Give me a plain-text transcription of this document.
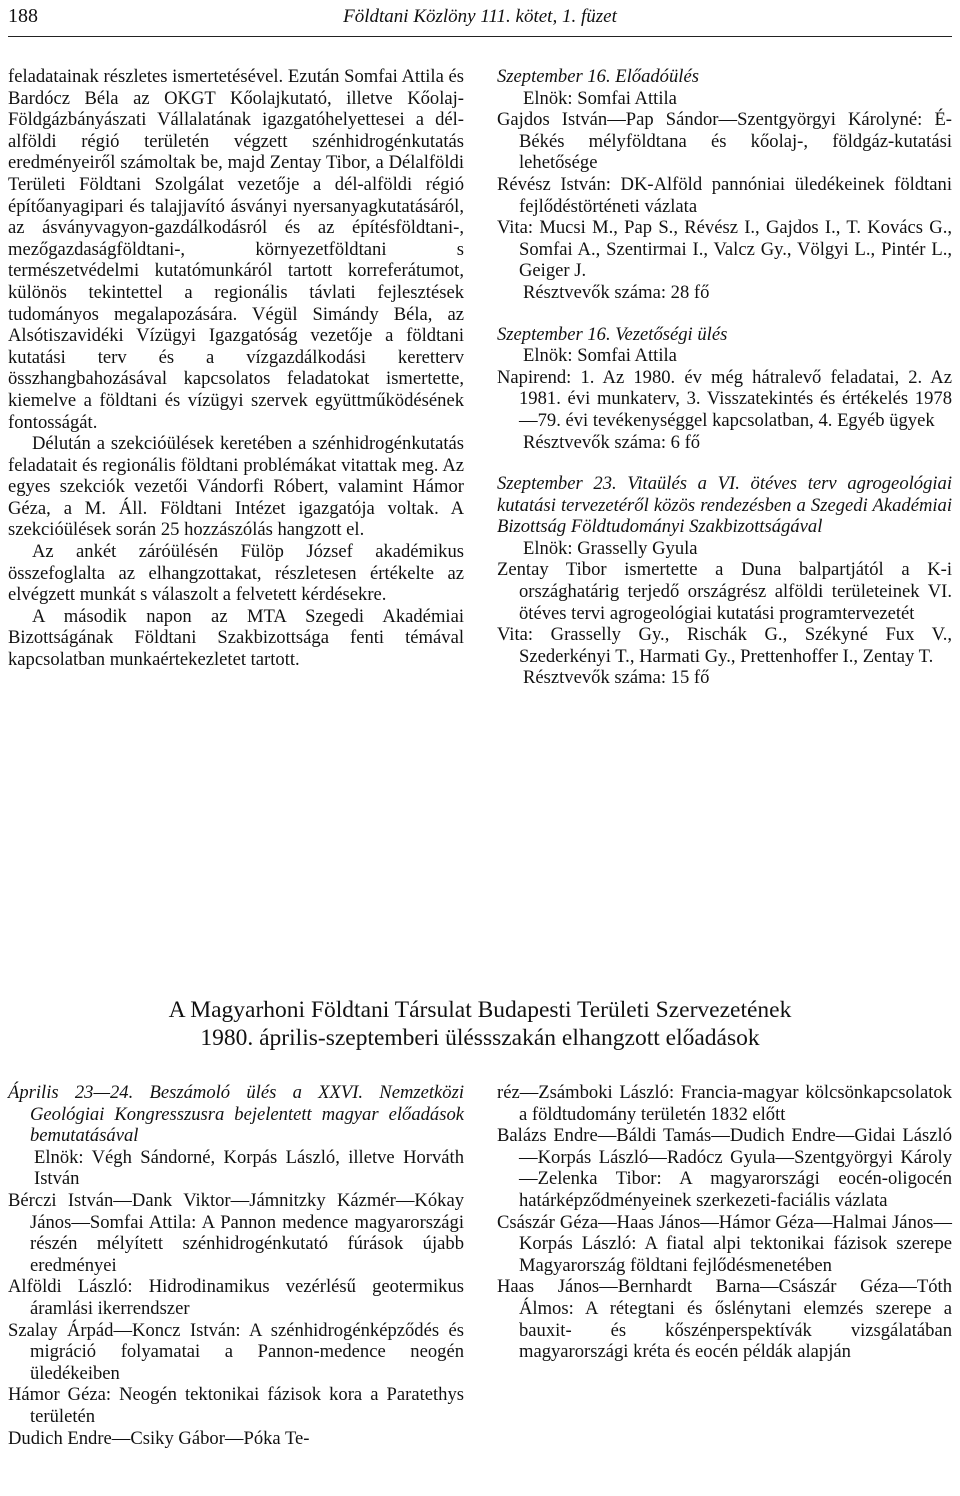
188	Földtani Közlöny 111. kötet, 1. füzet

feladatainak részletes ismertetésével. Ezután Somfai Attila és Bardócz Béla az OKGT Kőolajkutató, illetve Kőolaj-Földgázbányászati Vállalatának igazgatóhelyettesei a dél-alföldi régió területén végzett szénhidrogénkutatás eredményeiről számoltak be, majd Zentay Tibor, a Délalföldi Területi Földtani Szolgálat vezetője a dél-alföldi régió építőanyagipari és talajjavító ásványi nyersanyagkutatásáról, az ásványvagyon-gazdálkodásról és az építésföldtani-, mezőgazdaságföldtani-, környezetföldtani s természetvédelmi kutatómunkáról tartott korreferátumot, különös tekintettel a regionális távlati fejlesztések tudományos megalapozására. Végül Simándy Béla, az Alsótiszavidéki Vízügyi Igazgatóság vezetője a földtani kutatási terv és a vízgazdálkodási keretterv összhangbahozásával kapcsolatos feladatokat ismertette, kiemelve a földtani és vízügyi szervek együttműködésének fontosságát.

Délután a szekcióülések keretében a szénhidrogénkutatás feladatait és regionális földtani problémákat vitattak meg. Az egyes szekciók vezetői Vándorfi Róbert, valamint Hámor Géza, a M. Áll. Földtani Intézet igazgatója voltak. A szekcióülések során 25 hozzászólás hangzott el.

Az ankét záróülésén Fülöp József akadémikus összefoglalta az elhangzottakat, részletesen értékelte az elvégzett munkát s válaszolt a felvetett kérdésekre.

A második napon az MTA Szegedi Akadémiai Bizottságának Földtani Szakbizottsága fenti témával kapcsolatban munkaértekezletet tartott.

Szeptember 16. Előadóülés

Elnök: Somfai Attila

Gajdos István—Pap Sándor—Szentgyörgyi Károlyné: É-Békés mélyföldtana és kőolaj-, földgáz-kutatási lehetősége

Révész István: DK-Alföld pannóniai üledékeinek földtani fejlődéstörténeti vázlata

Vita: Mucsi M., Pap S., Révész I., Gajdos I., T. Kovács G., Somfai A., Szentirmai I., Valcz Gy., Völgyi L., Pintér L., Geiger J.

Résztvevők száma: 28 fő

Szeptember 16. Vezetőségi ülés

Elnök: Somfai Attila

Napirend: 1. Az 1980. év még hátralevő feladatai, 2. Az 1981. évi munkaterv, 3. Visszatekintés és értékelés 1978—79. évi tevékenységgel kapcsolatban, 4. Egyéb ügyek

Résztvevők száma: 6 fő

Szeptember 23. Vitaülés a VI. ötéves terv agrogeológiai kutatási tervezetéről közös rendezésben a Szegedi Akadémiai Bizottság Földtudományi Szakbizottságával

Elnök: Grasselly Gyula

Zentay Tibor ismertette a Duna balpartjától a K-i országhatárig terjedő országrész alföldi területeinek VI. ötéves tervi agrogeológiai kutatási programtervezetét

Vita: Grasselly Gy., Rischák G., Székyné Fux V., Szederkényi T., Harmati Gy., Prettenhoffer I., Zentay T.

Résztvevők száma: 15 fő

A Magyarhoni Földtani Társulat Budapesti Területi Szervezetének
1980. április-szeptemberi üléssszakán elhangzott előadások

Április 23—24. Beszámoló ülés a XXVI. Nemzetközi Geológiai Kongresszusra bejelentett magyar előadások bemutatásával

Elnök: Végh Sándorné, Korpás László, illetve Horváth István

Bérczi István—Dank Viktor—Jámnitzky Kázmér—Kókay János—Somfai Attila: A Pannon medence magyarországi részén mélyített szénhidrogénkutató fúrások újabb eredményei

Alföldi László: Hidrodinamikus vezérlésű geotermikus áramlási ikerrendszer

Szalay Árpád—Koncz István: A szénhidrogénképződés és migráció folyamatai a Pannon-medence neogén üledékeiben

Hámor Géza: Neogén tektonikai fázisok kora a Paratethys területén

Dudich Endre—Csiky Gábor—Póka Te-

réz—Zsámboki László: Francia-magyar kölcsönkapcsolatok a földtudomány területén 1832 előtt

Balázs Endre—Báldi Tamás—Dudich Endre—Gidai László—Korpás László—Radócz Gyula—Szentgyörgyi Károly—Zelenka Tibor: A magyarországi eocén-oligocén határképződményeinek szerkezeti-faciális vázlata

Császár Géza—Haas János—Hámor Géza—Halmai János—Korpás László: A fiatal alpi tektonikai fázisok szerepe Magyarország földtani fejlődésmenetében

Haas János—Bernhardt Barna—Császár Géza—Tóth Álmos: A rétegtani és őslénytani elemzés szerepe a bauxit- és kőszénperspektívák vizsgálatában magyarországi kréta és eocén példák alapján
